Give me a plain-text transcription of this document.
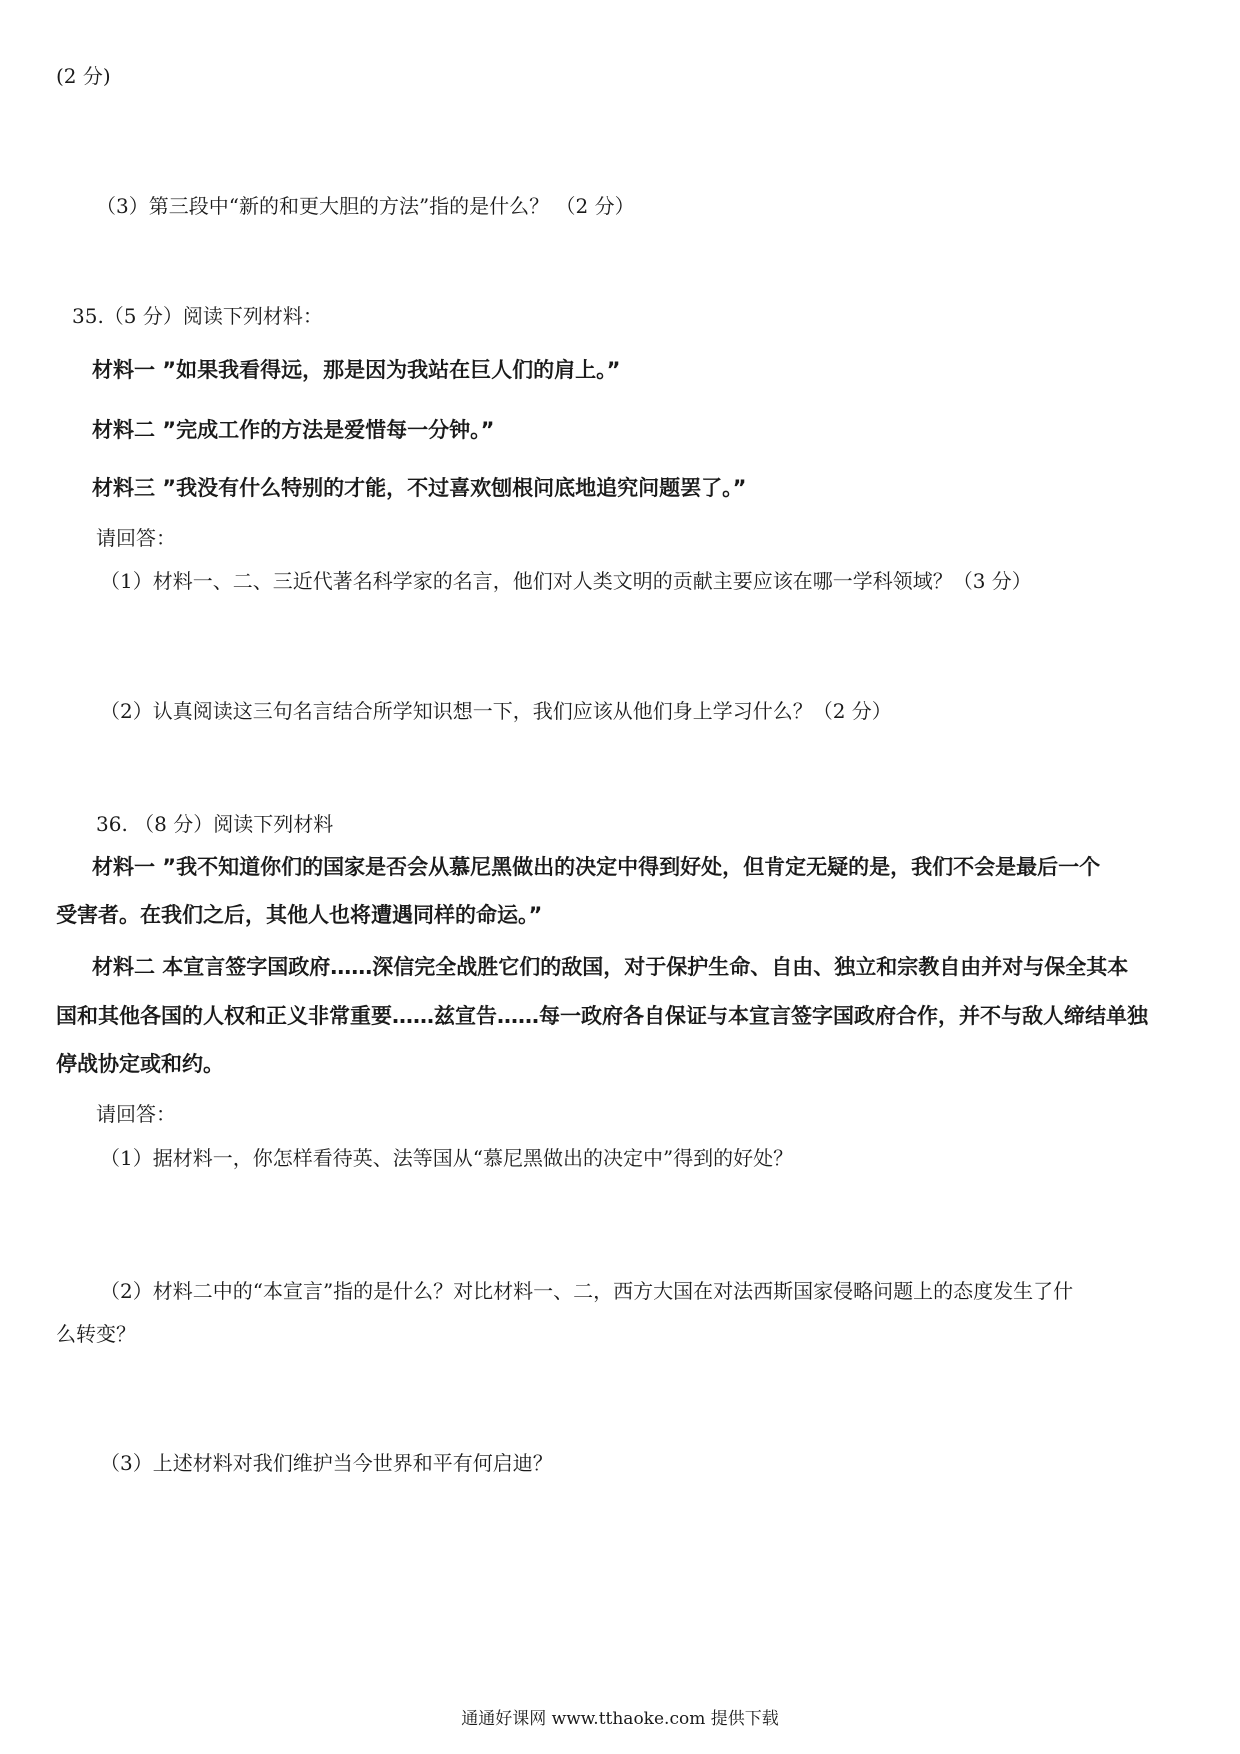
(2 分)

（3）第三段中“新的和更大胆的方法”指的是什么？ （2 分）

35.（5 分）阅读下列材料：

材料一 ”如果我看得远，那是因为我站在巨人们的肩上。”

材料二 ”完成工作的方法是爱惜每一分钟。”

材料三 ”我没有什么特别的才能，不过喜欢刨根问底地追究问题罢了。”

请回答：

（1）材料一、二、三近代著名科学家的名言，他们对人类文明的贡献主要应该在哪一学科领域？（3 分）

（2）认真阅读这三句名言结合所学知识想一下，我们应该从他们身上学习什么？（2 分）

36. （8 分）阅读下列材料

材料一 ”我不知道你们的国家是否会从慕尼黑做出的决定中得到好处，但肯定无疑的是，我们不会是最后一个

受害者。在我们之后，其他人也将遭遇同样的命运。”

材料二 本宣言签字国政府……深信完全战胜它们的敌国，对于保护生命、自由、独立和宗教自由并对与保全其本

国和其他各国的人权和正义非常重要……兹宣告……每一政府各自保证与本宣言签字国政府合作，并不与敌人缔结单独

停战协定或和约。

请回答：

（1）据材料一，你怎样看待英、法等国从“慕尼黑做出的决定中”得到的好处？

（2）材料二中的“本宣言”指的是什么？对比材料一、二，西方大国在对法西斯国家侵略问题上的态度发生了什

么转变？

（3）上述材料对我们维护当今世界和平有何启迪？

通通好课网 www.tthaoke.com 提供下载
